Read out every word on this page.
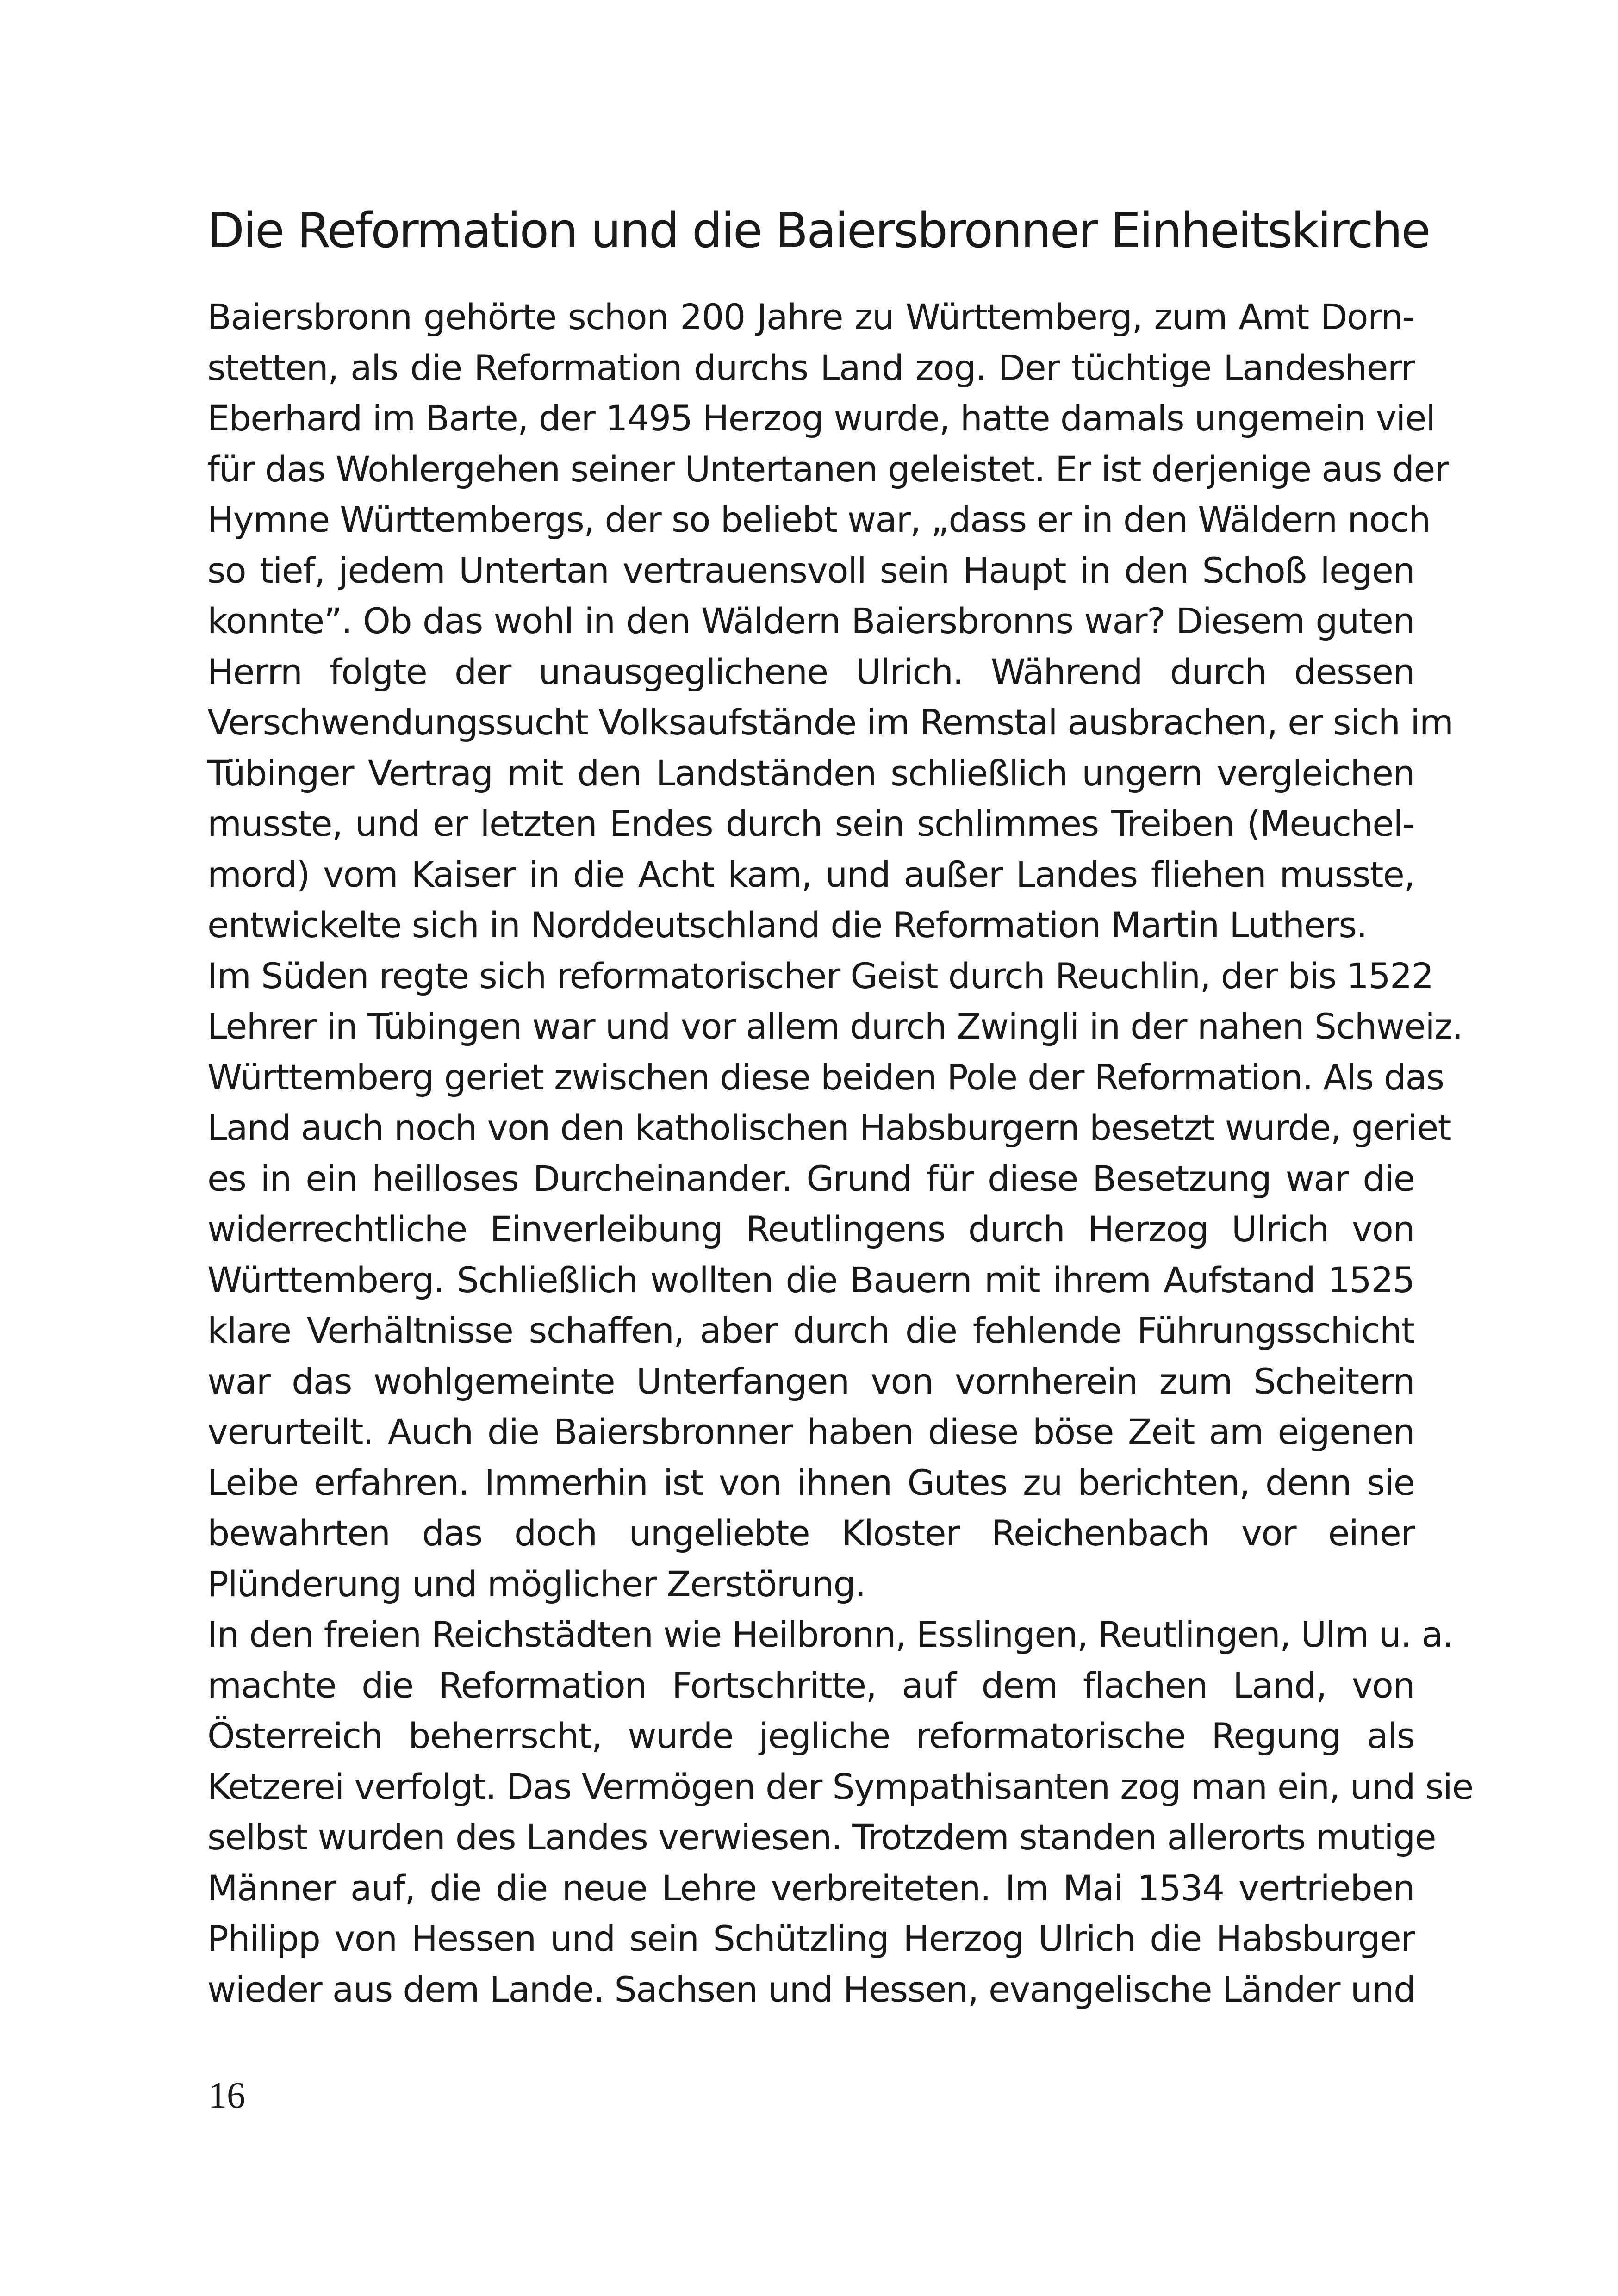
Die Reformation und die Baiersbronner Einheitskirche
Baiersbronn gehörte schon 200 Jahre zu Württemberg, zum Amt Dorn-
stetten, als die Reformation durchs Land zog. Der tüchtige Landesherr
Eberhard im Barte, der 1495 Herzog wurde, hatte damals ungemein viel
für das Wohlergehen seiner Untertanen geleistet. Er ist derjenige aus der
Hymne Württembergs, der so beliebt war, „dass er in den Wäldern noch
so tief, jedem Untertan vertrauensvoll sein Haupt in den Schoß legen
konnte”. Ob das wohl in den Wäldern Baiersbronns war? Diesem guten
Herrn folgte der unausgeglichene Ulrich. Während durch dessen
Verschwendungssucht Volksaufstände im Remstal ausbrachen, er sich im
Tübinger Vertrag mit den Landständen schließlich ungern vergleichen
musste, und er letzten Endes durch sein schlimmes Treiben (Meuchel-
mord) vom Kaiser in die Acht kam, und außer Landes fliehen musste,
entwickelte sich in Norddeutschland die Reformation Martin Luthers.
Im Süden regte sich reformatorischer Geist durch Reuchlin, der bis 1522
Lehrer in Tübingen war und vor allem durch Zwingli in der nahen Schweiz.
Württemberg geriet zwischen diese beiden Pole der Reformation. Als das
Land auch noch von den katholischen Habsburgern besetzt wurde, geriet
es in ein heilloses Durcheinander. Grund für diese Besetzung war die
widerrechtliche Einverleibung Reutlingens durch Herzog Ulrich von
Württemberg. Schließlich wollten die Bauern mit ihrem Aufstand 1525
klare Verhältnisse schaffen, aber durch die fehlende Führungsschicht
war das wohlgemeinte Unterfangen von vornherein zum Scheitern
verurteilt. Auch die Baiersbronner haben diese böse Zeit am eigenen
Leibe erfahren. Immerhin ist von ihnen Gutes zu berichten, denn sie
bewahrten das doch ungeliebte Kloster Reichenbach vor einer
Plünderung und möglicher Zerstörung.
In den freien Reichstädten wie Heilbronn, Esslingen, Reutlingen, Ulm u. a.
machte die Reformation Fortschritte, auf dem flachen Land, von
Österreich beherrscht, wurde jegliche reformatorische Regung als
Ketzerei verfolgt. Das Vermögen der Sympathisanten zog man ein, und sie
selbst wurden des Landes verwiesen. Trotzdem standen allerorts mutige
Männer auf, die die neue Lehre verbreiteten. Im Mai 1534 vertrieben
Philipp von Hessen und sein Schützling Herzog Ulrich die Habsburger
wieder aus dem Lande. Sachsen und Hessen, evangelische Länder und
16
